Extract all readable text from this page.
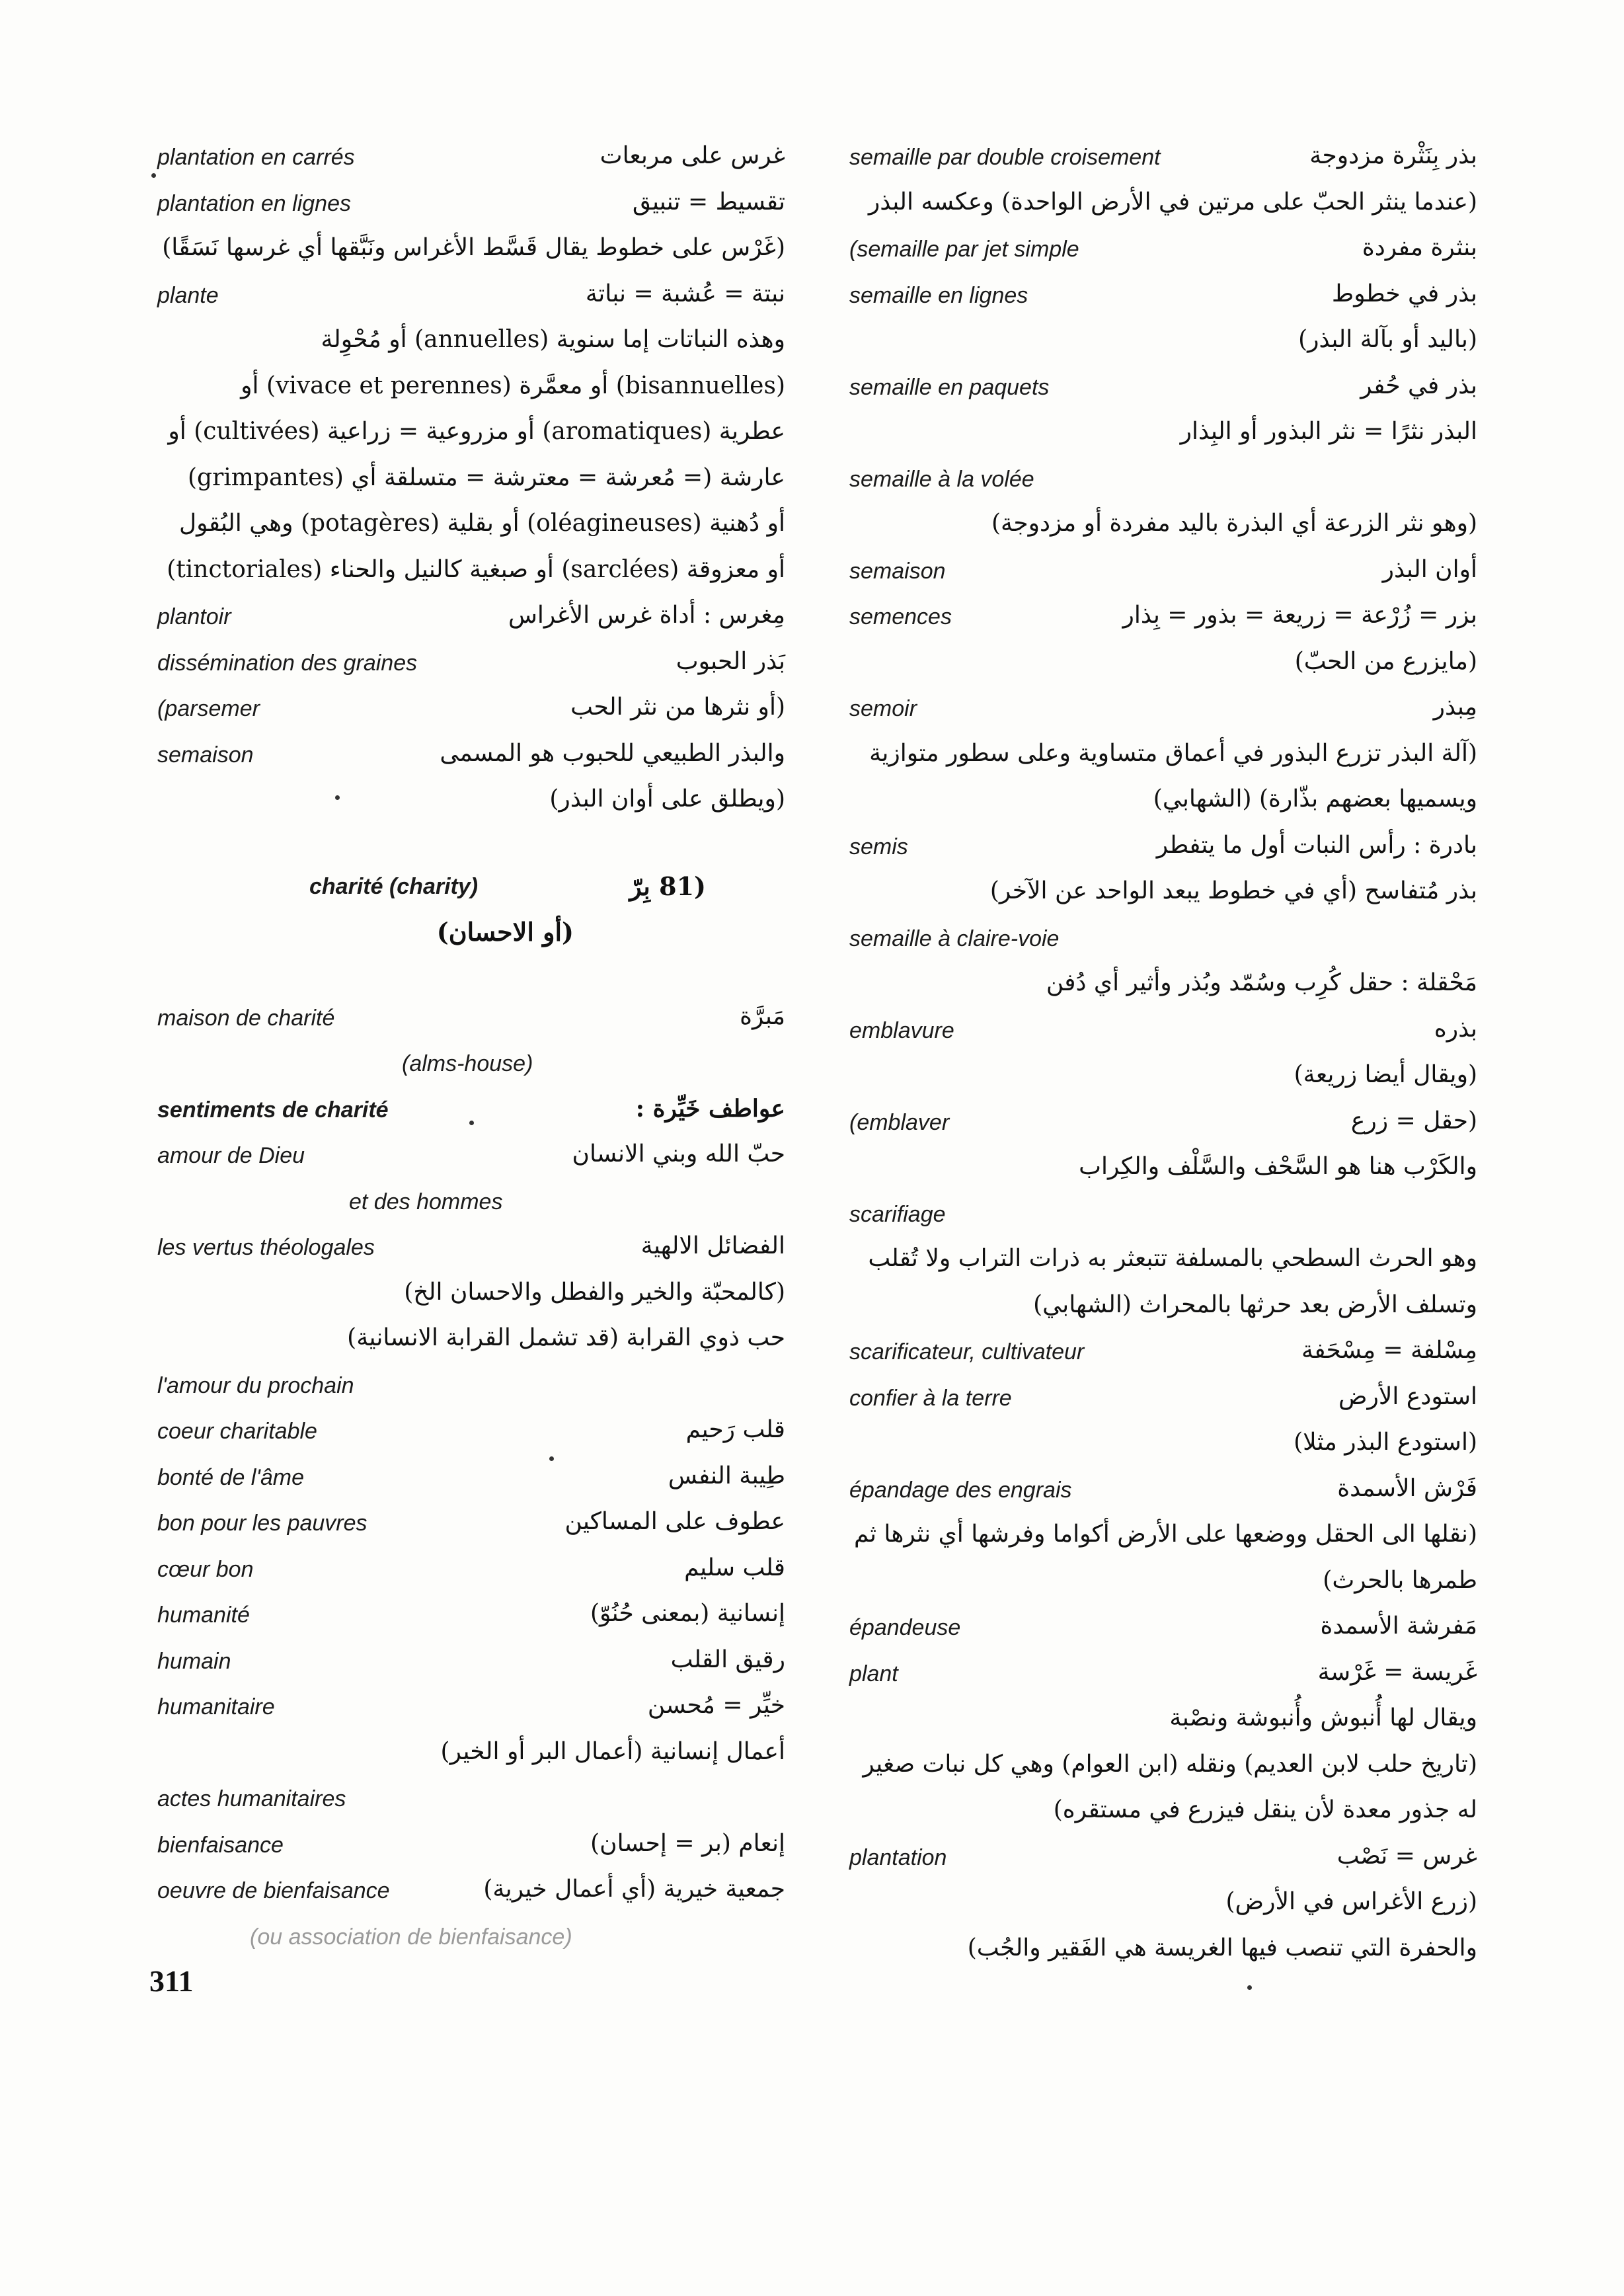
semaille par double croisement	بذر بِنَثْرة مزدوجة
(عندما ينثر الحبّ على مرتين في الأرض الواحدة) وعكسه البذر
(semaille par jet simple	بنثرة مفردة
semaille en lignes	بذر في خطوط
(باليد أو بآلة البذر)
semaille en paquets	بذر في حُفر
البذر نثرًا = نثر البذور أو البِذار
semaille à la volée
(وهو نثر الزرعة أي البذرة باليد مفردة أو مزدوجة)
semaison	أوان البذر
semences	بزر = زُرْعة = زريعة = بذور = بِذار
(مايزرع من الحبّ)
semoir	مِبذر
(آلة البذر تزرع البذور في أعماق متساوية وعلى سطور متوازية
ويسميها بعضهم بذّارة) (الشهابي)
semis	بادرة : رأس النبات أول ما يتفطر
بذر مُتفاسح (أي في خطوط يبعد الواحد عن الآخر)
semaille à claire-voie
مَحْقلة : حقل كُرِب وسُمّد وبُذر وأثير أي دُفن
emblavure	بذره
(ويقال أيضا زريعة)
(emblaver	(حقل = زرع
والكَرْب هنا هو السَّحْف والسَّلْف والكِراب
scarifiage
وهو الحرث السطحي بالمسلفة تتبعثر به ذرات التراب ولا تُقلب
وتسلف الأرض بعد حرثها بالمحراث (الشهابي)
scarificateur, cultivateur	مِسْلفة = مِسْحَفة
confier à la terre	استودع الأرض
(استودع البذر مثلا)
épandage des engrais	فَرْش الأسمدة
(نقلها الى الحقل ووضعها على الأرض أكواما وفرشها أي نثرها ثم
طمرها بالحرث)
épandeuse	مَفرشة الأسمدة
plant	غَريسة = غَرْسة
ويقال لها أُنبوش وأُنبوشة ونصْبة
(تاريخ حلب لابن العديم) ونقله (ابن العوام) وهي كل نبات صغير
له جذور معدة لأن ينقل فيزرع في مستقره)
plantation	غرس = نَصْب
(زرع الأغراس في الأرض)
والحفرة التي تنصب فيها الغريسة هي الفَقير والجُب)
plantation en carrés	غرس على مربعات
plantation en lignes	تقسيط = تنبيق
(غَرْس على خطوط يقال قَسَّط الأغراس ونَبَّقها أي غرسها نَسَقًا)
plante	نبتة = عُشبة = نباتة
وهذه النباتات إما سنوية (annuelles) أو مُحْوِلة
(bisannuelles) أو معمَّرة (vivace et perennes) أو
عطرية (aromatiques) أو مزروعية = زراعية (cultivées) أو
عارشة (= مُعرشة = معترشة = متسلقة أي (grimpantes)
أو دُهنية (oléagineuses) أو بقلية (potagères) وهي البُقول
أو معزوقة (sarclées) أو صبغية كالنيل والحناء (tinctoriales)
plantoir	مِغرس : أداة غرس الأغراس
dissémination des graines	بَذر الحبوب
(parsemer	(أو نثرها من نثر الحب
semaison	والبذر الطبيعي للحبوب هو المسمى
(ويطلق على أوان البذر)
charité (charity)	(81 بِرّ
(أو الاحسان)
maison de charité	مَبرَّة
(alms-house)
sentiments de charité	عواطف خَيِّرة :
amour de Dieu	حبّ الله وبني الانسان
et des hommes
les vertus théologales	الفضائل الالهية
(كالمحبّة والخير والفطل والاحسان الخ)
حب ذوي القرابة (قد تشمل القرابة الانسانية)
l'amour du prochain
coeur charitable	قلب رَحيم
bonté de l'âme	طِيبة النفس
bon pour les pauvres	عطوف على المساكين
cœur bon	قلب سليم
humanité	إنسانية (بمعنى حُنُوّ)
humain	رقيق القلب
humanitaire	خيِّر = مُحسن
أعمال إنسانية (أعمال البر أو الخير)
actes humanitaires
bienfaisance	إنعام (بر = إحسان)
oeuvre de bienfaisance	جمعية خيرية (أي أعمال خيرية)
(ou association de bienfaisance)
311
